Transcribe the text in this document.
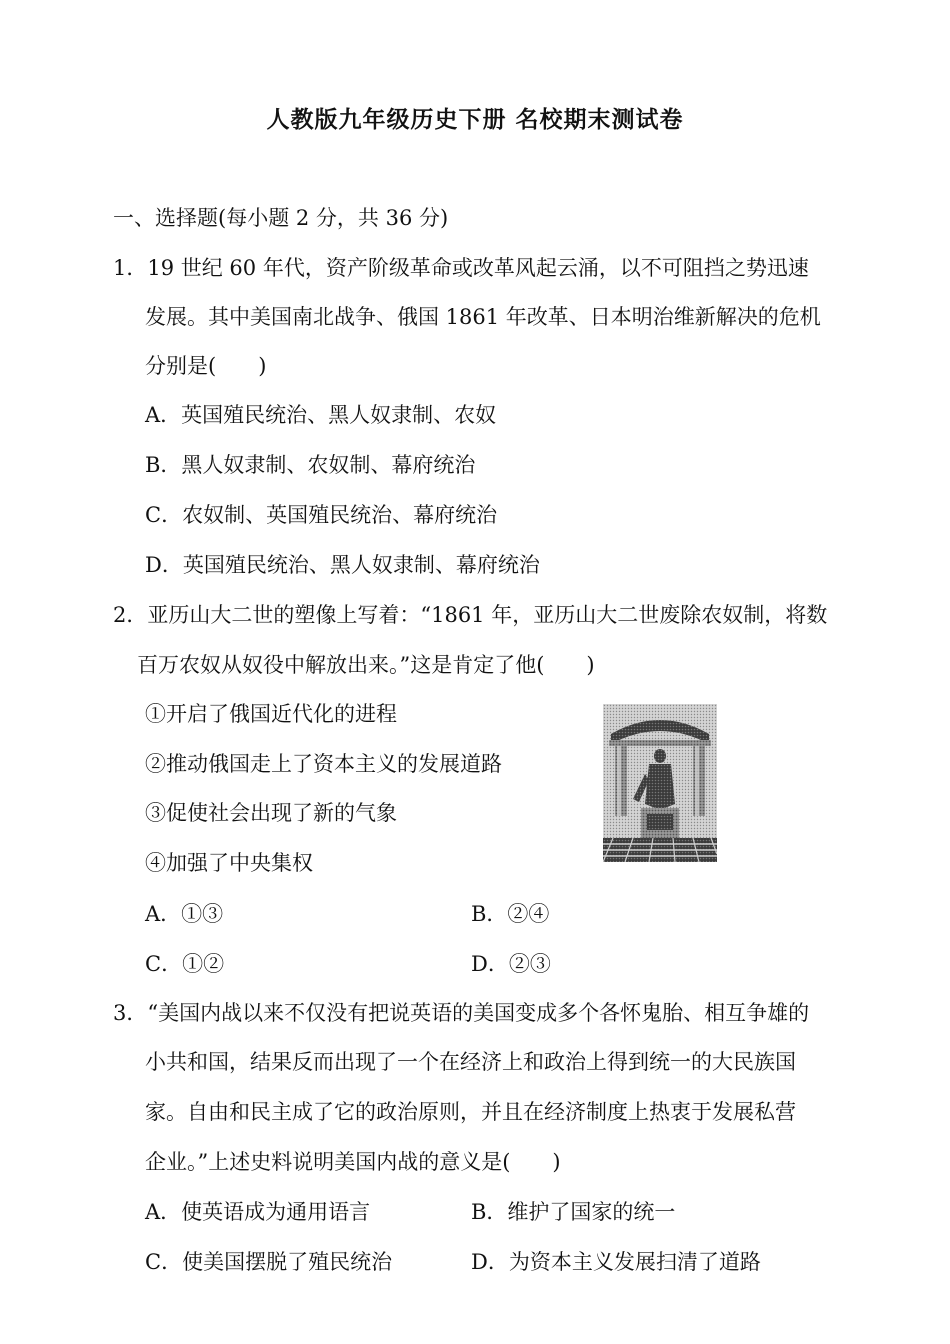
人教版九年级历史下册 名校期末测试卷
一、选择题(每小题 2 分，共 36 分)
1．19 世纪 60 年代，资产阶级革命或改革风起云涌，以不可阻挡之势迅速
发展。其中美国南北战争、俄国 1861 年改革、日本明治维新解决的危机
分别是(　　)
A．英国殖民统治、黑人奴隶制、农奴
B．黑人奴隶制、农奴制、幕府统治
C．农奴制、英国殖民统治、幕府统治
D．英国殖民统治、黑人奴隶制、幕府统治
2．亚历山大二世的塑像上写着：“1861 年，亚历山大二世废除农奴制，将数
百万农奴从奴役中解放出来。”这是肯定了他(　　)
①开启了俄国近代化的进程
②推动俄国走上了资本主义的发展道路
③促使社会出现了新的气象
④加强了中央集权
A．①③	B．②④
C．①②	D．②③
3．“美国内战以来不仅没有把说英语的美国变成多个各怀鬼胎、相互争雄的
小共和国，结果反而出现了一个在经济上和政治上得到统一的大民族国
家。自由和民主成了它的政治原则，并且在经济制度上热衷于发展私营
企业。”上述史料说明美国内战的意义是(　　)
A．使英语成为通用语言	B．维护了国家的统一
C．使美国摆脱了殖民统治	D．为资本主义发展扫清了道路
